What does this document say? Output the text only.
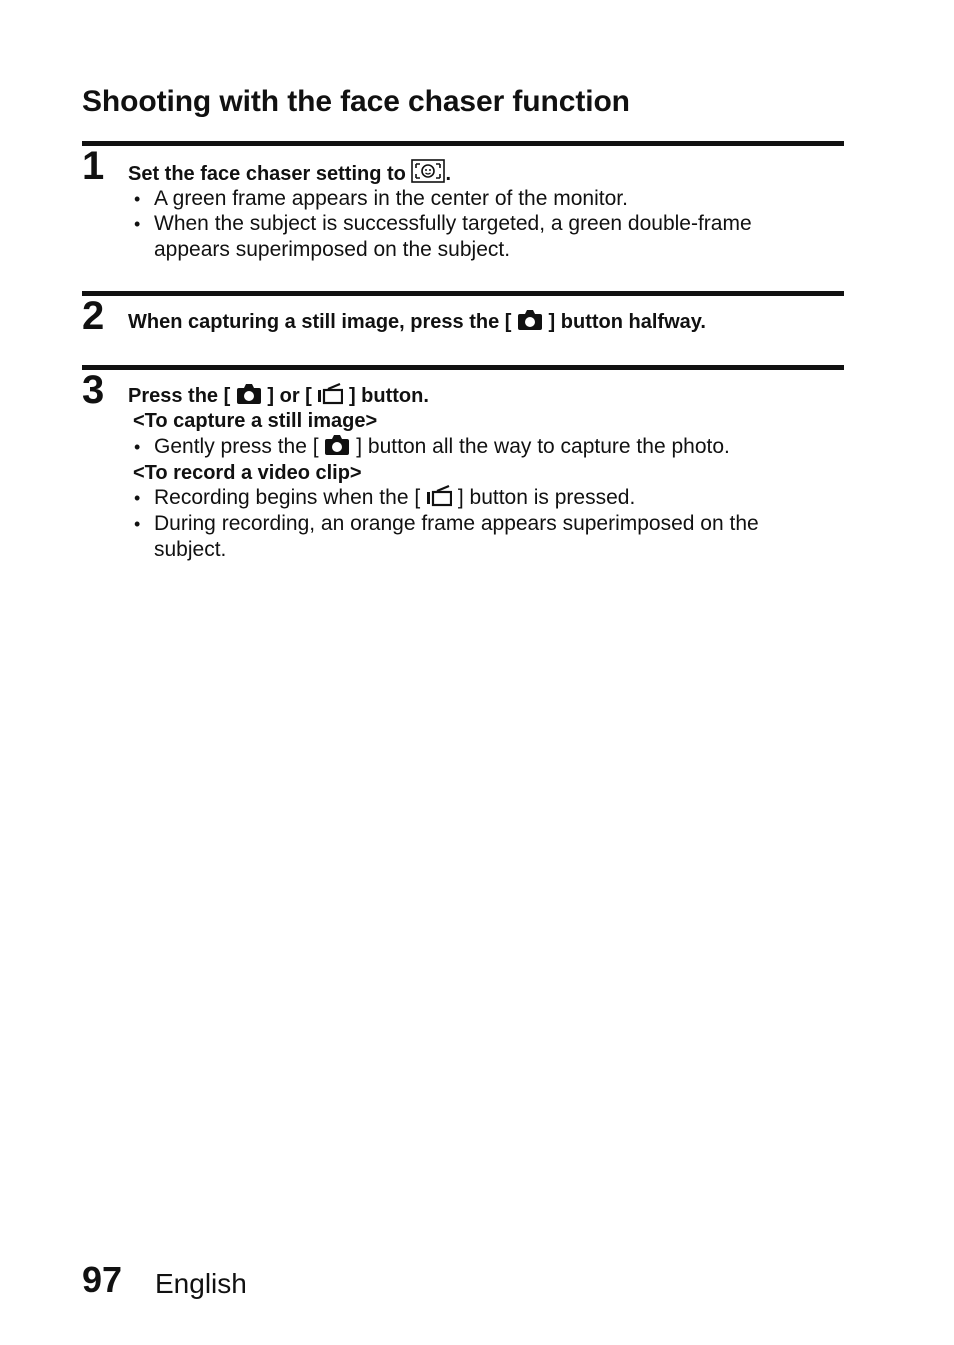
Shooting with the face chaser function
1 Set the face chaser setting to .
• A green frame appears in the center of the monitor.
• When the subject is successfully targeted, a green double-frame appears superimposed on the subject.
2 When capturing a still image, press the [ ] button halfway.
3 Press the [ ] or [ ] button.
<To capture a still image>
• Gently press the [ ] button all the way to capture the photo.
<To record a video clip>
• Recording begins when the [ ] button is pressed.
• During recording, an orange frame appears superimposed on the subject.
97 English
